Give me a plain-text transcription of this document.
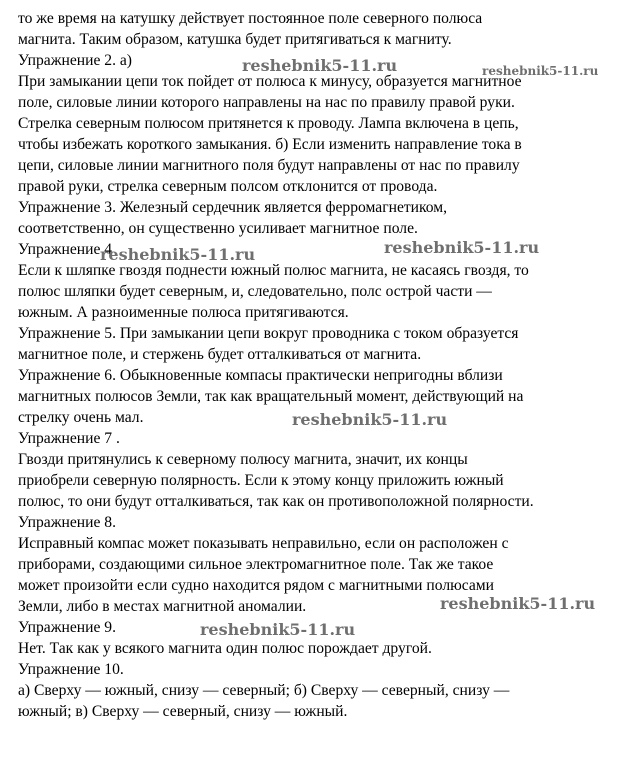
то же время на катушку действует постоянное поле северного полюса
магнита. Таким образом, катушка будет притягиваться к магниту.
Упражнение 2. а)
При замыкании цепи ток пойдет от полюса к минусу, образуется магнитное
поле, силовые линии которого направлены на нас по правилу правой руки.
Стрелка северным полюсом притянется к проводу. Лампа включена в цепь,
чтобы избежать короткого замыкания. б) Если изменить направление тока в
цепи, силовые линии магнитного поля будут направлены от нас по правилу
правой руки, стрелка северным полсом отклонится от провода.
Упражнение 3. Железный сердечник является ферромагнетиком,
соответственно, он существенно усиливает магнитное поле.
Упражнение 4
Если к шляпке гвоздя поднести южный полюс магнита, не касаясь гвоздя, то
полюс шляпки будет северным, и, следовательно, полс острой части —
южным. А разноименные полюса притягиваются.
Упражнение 5. При замыкании цепи вокруг проводника с током образуется
магнитное поле, и стержень будет отталкиваться от магнита.
Упражнение 6. Обыкновенные компасы практически непригодны вблизи
магнитных полюсов Земли, так как вращательный момент, действующий на
стрелку очень мал.
Упражнение 7 .
Гвозди притянулись к северному полюсу магнита, значит, их концы
приобрели северную полярность. Если к этому концу приложить южный
полюс, то они будут отталкиваться, так как он противоположной полярности.
Упражнение 8.
Исправный компас может показывать неправильно, если он расположен с
приборами, создающими сильное электромагнитное поле. Так же такое
может произойти если судно находится рядом с магнитными полюсами
Земли, либо в местах магнитной аномалии.
Упражнение 9.
Нет. Так как у всякого магнита один полюс порождает другой.
Упражнение 10.
а) Сверху — южный, снизу — северный; б) Сверху — северный, снизу —
южный; в) Сверху — северный, снизу — южный.
reshebnik5-11.ru	reshebnik5-11.ru
reshebnik5-11.ru	reshebnik5-11.ru
reshebnik5-11.ru
reshebnik5-11.ru
reshebnik5-11.ru
